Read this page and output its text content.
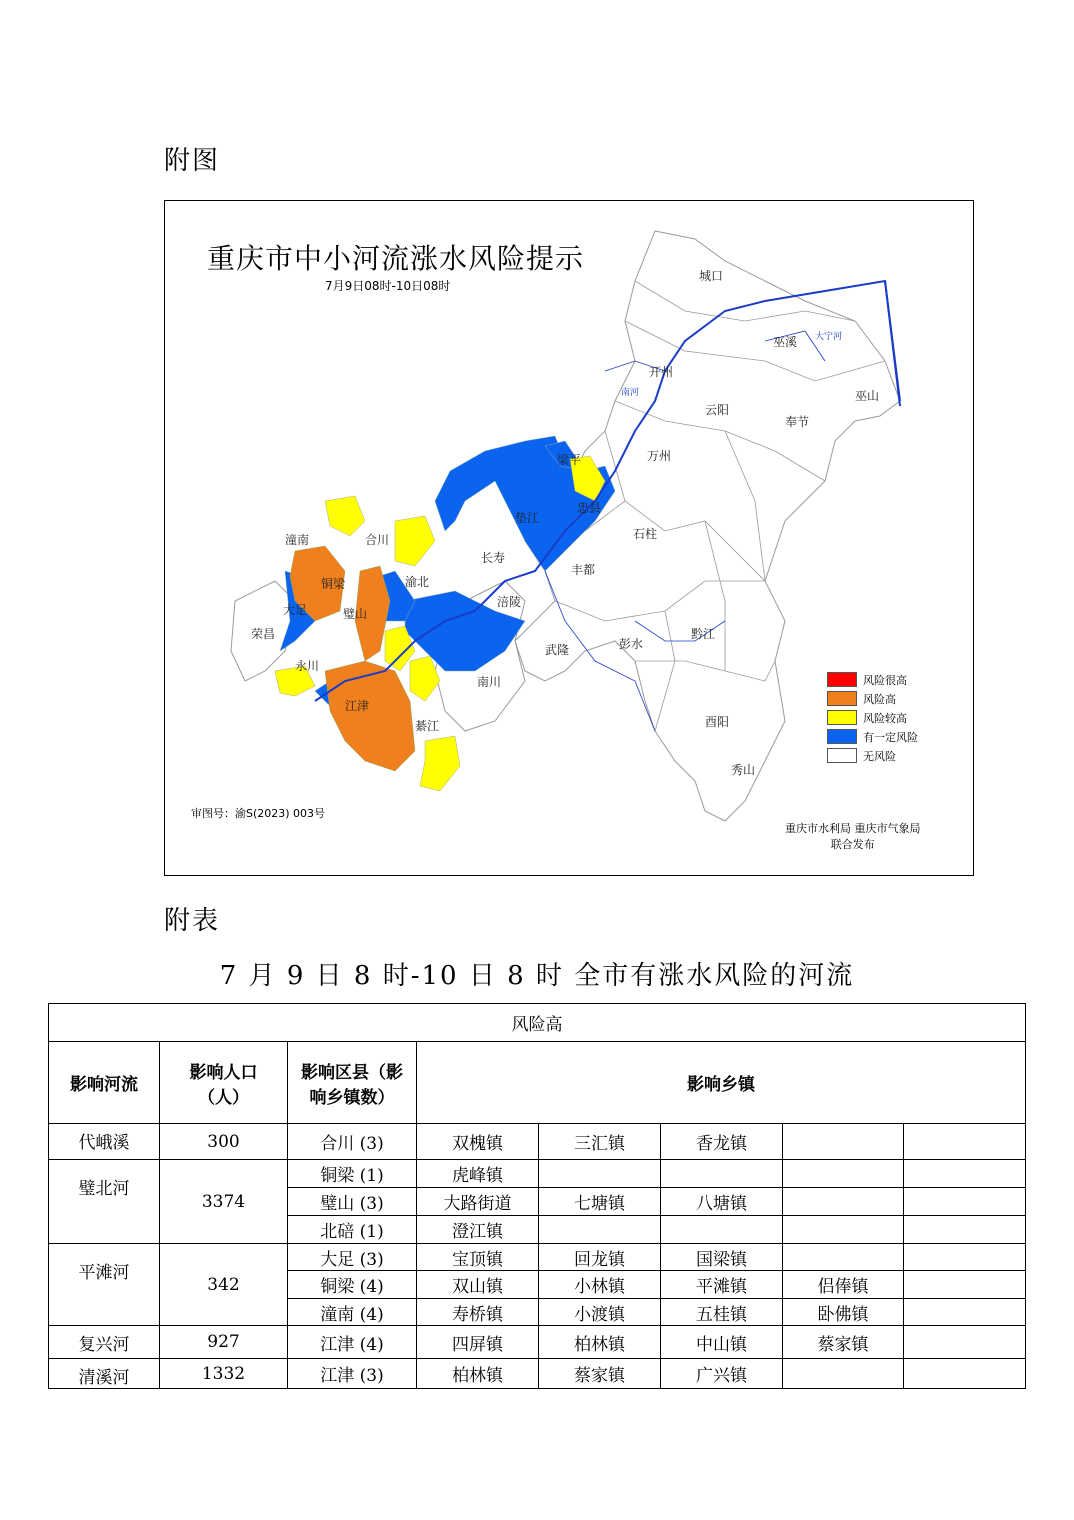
附图
重庆市中小河流涨水风险提示
7月9日08时-10日08时
城口
巫溪 大宁河
开州
南河
云阳
奉节
巫山
万州
梁平
忠县
垫江
长寿
石柱
丰都
涪陵
武隆	彭水
黔江
酉阳
秀山
南川
綦江
江津
永川
荣昌
大足
铜梁
璧山
合川
潼南
渝北
风险很高
风险高
风险较高
有一定风险
无风险
审图号：渝S(2023) 003号
重庆市水利局 重庆市气象局
联合发布
附表
7 月 9 日 8 时-10 日 8 时 全市有涨水风险的河流
风险高							
影响河流	影响人口（人）	影响区县（影响乡镇数）	影响乡镇				
代峨溪	300	合川 (3)	双槐镇	三汇镇	香龙镇		
璧北河	3374	铜梁 (1)	虎峰镇				
		璧山 (3)	大路街道	七塘镇	八塘镇		
		北碚 (1)	澄江镇				
平滩河	342	大足 (3)	宝顶镇	回龙镇	国梁镇		
		铜梁 (4)	双山镇	小林镇	平滩镇	侣俸镇	
		潼南 (4)	寿桥镇	小渡镇	五桂镇	卧佛镇	
复兴河	927	江津 (4)	四屏镇	柏林镇	中山镇	蔡家镇	
清溪河	1332	江津 (3)	柏林镇	蔡家镇	广兴镇		
